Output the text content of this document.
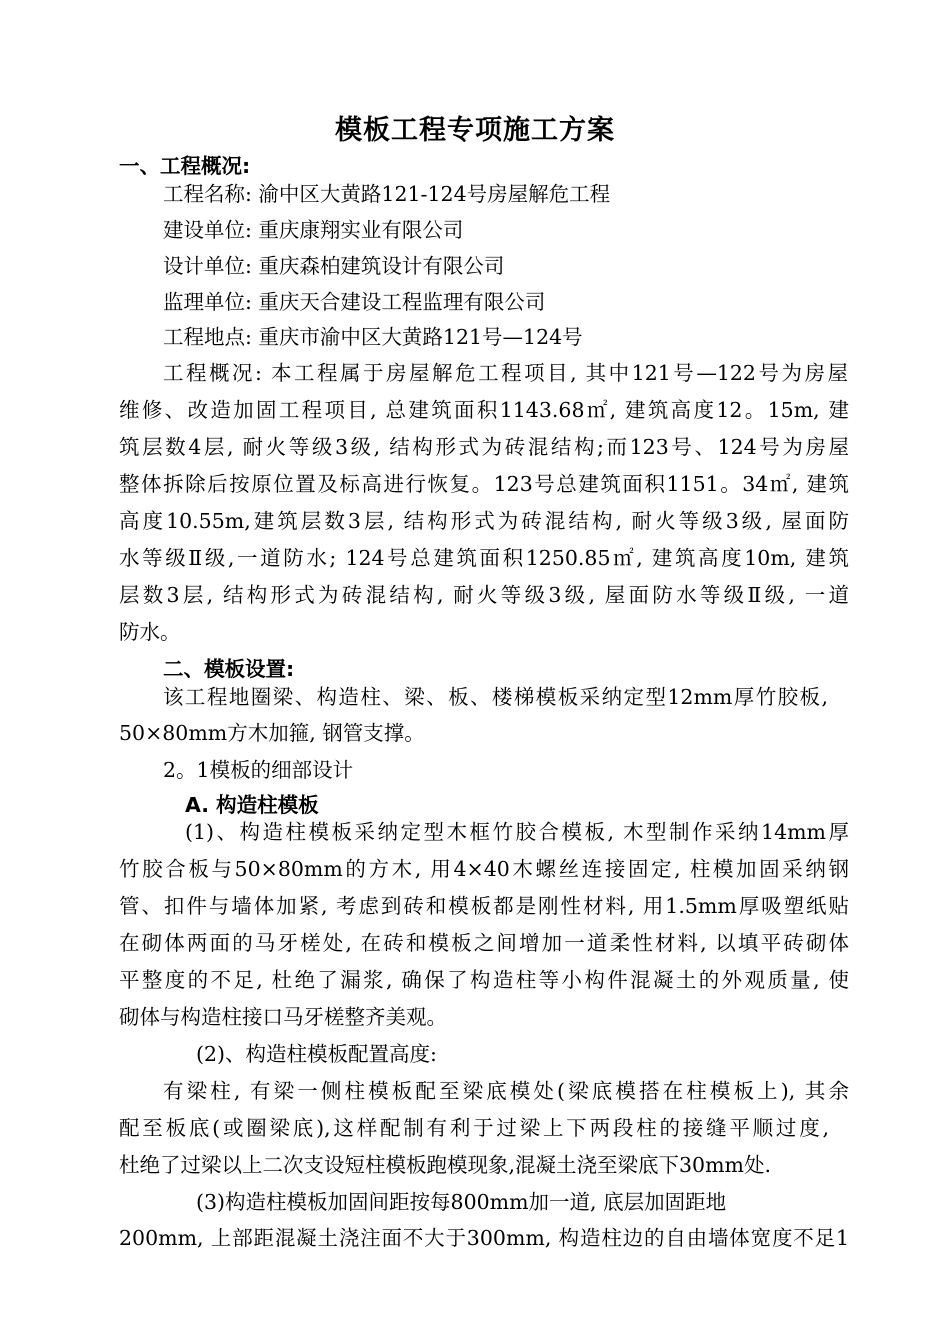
模板工程专项施工方案
一、工程概况:
工程名称: 渝中区大黄路121-124号房屋解危工程
建设单位: 重庆康翔实业有限公司
设计单位: 重庆森柏建筑设计有限公司
监理单位: 重庆天合建设工程监理有限公司
工程地点: 重庆市渝中区大黄路121号—124号
工程概况: 本工程属于房屋解危工程项目, 其中121号—122号为房屋
维修、改造加固工程项目, 总建筑面积1143.68㎡, 建筑高度12。15m, 建
筑层数4层, 耐火等级3级, 结构形式为砖混结构;而123号、124号为房屋
整体拆除后按原位置及标高进行恢复。123号总建筑面积1151。34㎡, 建筑
高度10.55m,建筑层数3层, 结构形式为砖混结构, 耐火等级3级, 屋面防
水等级Ⅱ级,一道防水; 124号总建筑面积1250.85㎡, 建筑高度10m, 建筑
层数3层, 结构形式为砖混结构, 耐火等级3级, 屋面防水等级Ⅱ级, 一道
防水。
二、模板设置:
该工程地圈梁、构造柱、梁、板、楼梯模板采纳定型12mm厚竹胶板,
50×80mm方木加箍, 钢管支撑。
2。1模板的细部设计
A. 构造柱模板
(1)、构造柱模板采纳定型木框竹胶合模板, 木型制作采纳14mm厚
竹胶合板与50×80mm的方木, 用4×40木螺丝连接固定, 柱模加固采纳钢
管、扣件与墙体加紧, 考虑到砖和模板都是刚性材料, 用1.5mm厚吸塑纸贴
在砌体两面的马牙槎处, 在砖和模板之间增加一道柔性材料, 以填平砖砌体
平整度的不足, 杜绝了漏浆, 确保了构造柱等小构件混凝土的外观质量, 使
砌体与构造柱接口马牙槎整齐美观。
(2)、构造柱模板配置高度:
有梁柱, 有梁一侧柱模板配至梁底模处(梁底模搭在柱模板上), 其余
配至板底(或圈梁底),这样配制有利于过梁上下两段柱的接缝平顺过度,
杜绝了过梁以上二次支设短柱模板跑模现象,混凝土浇至梁底下30mm处.
(3)构造柱模板加固间距按每800mm加一道, 底层加固距地
200mm, 上部距混凝土浇注面不大于300mm, 构造柱边的自由墙体宽度不足1
